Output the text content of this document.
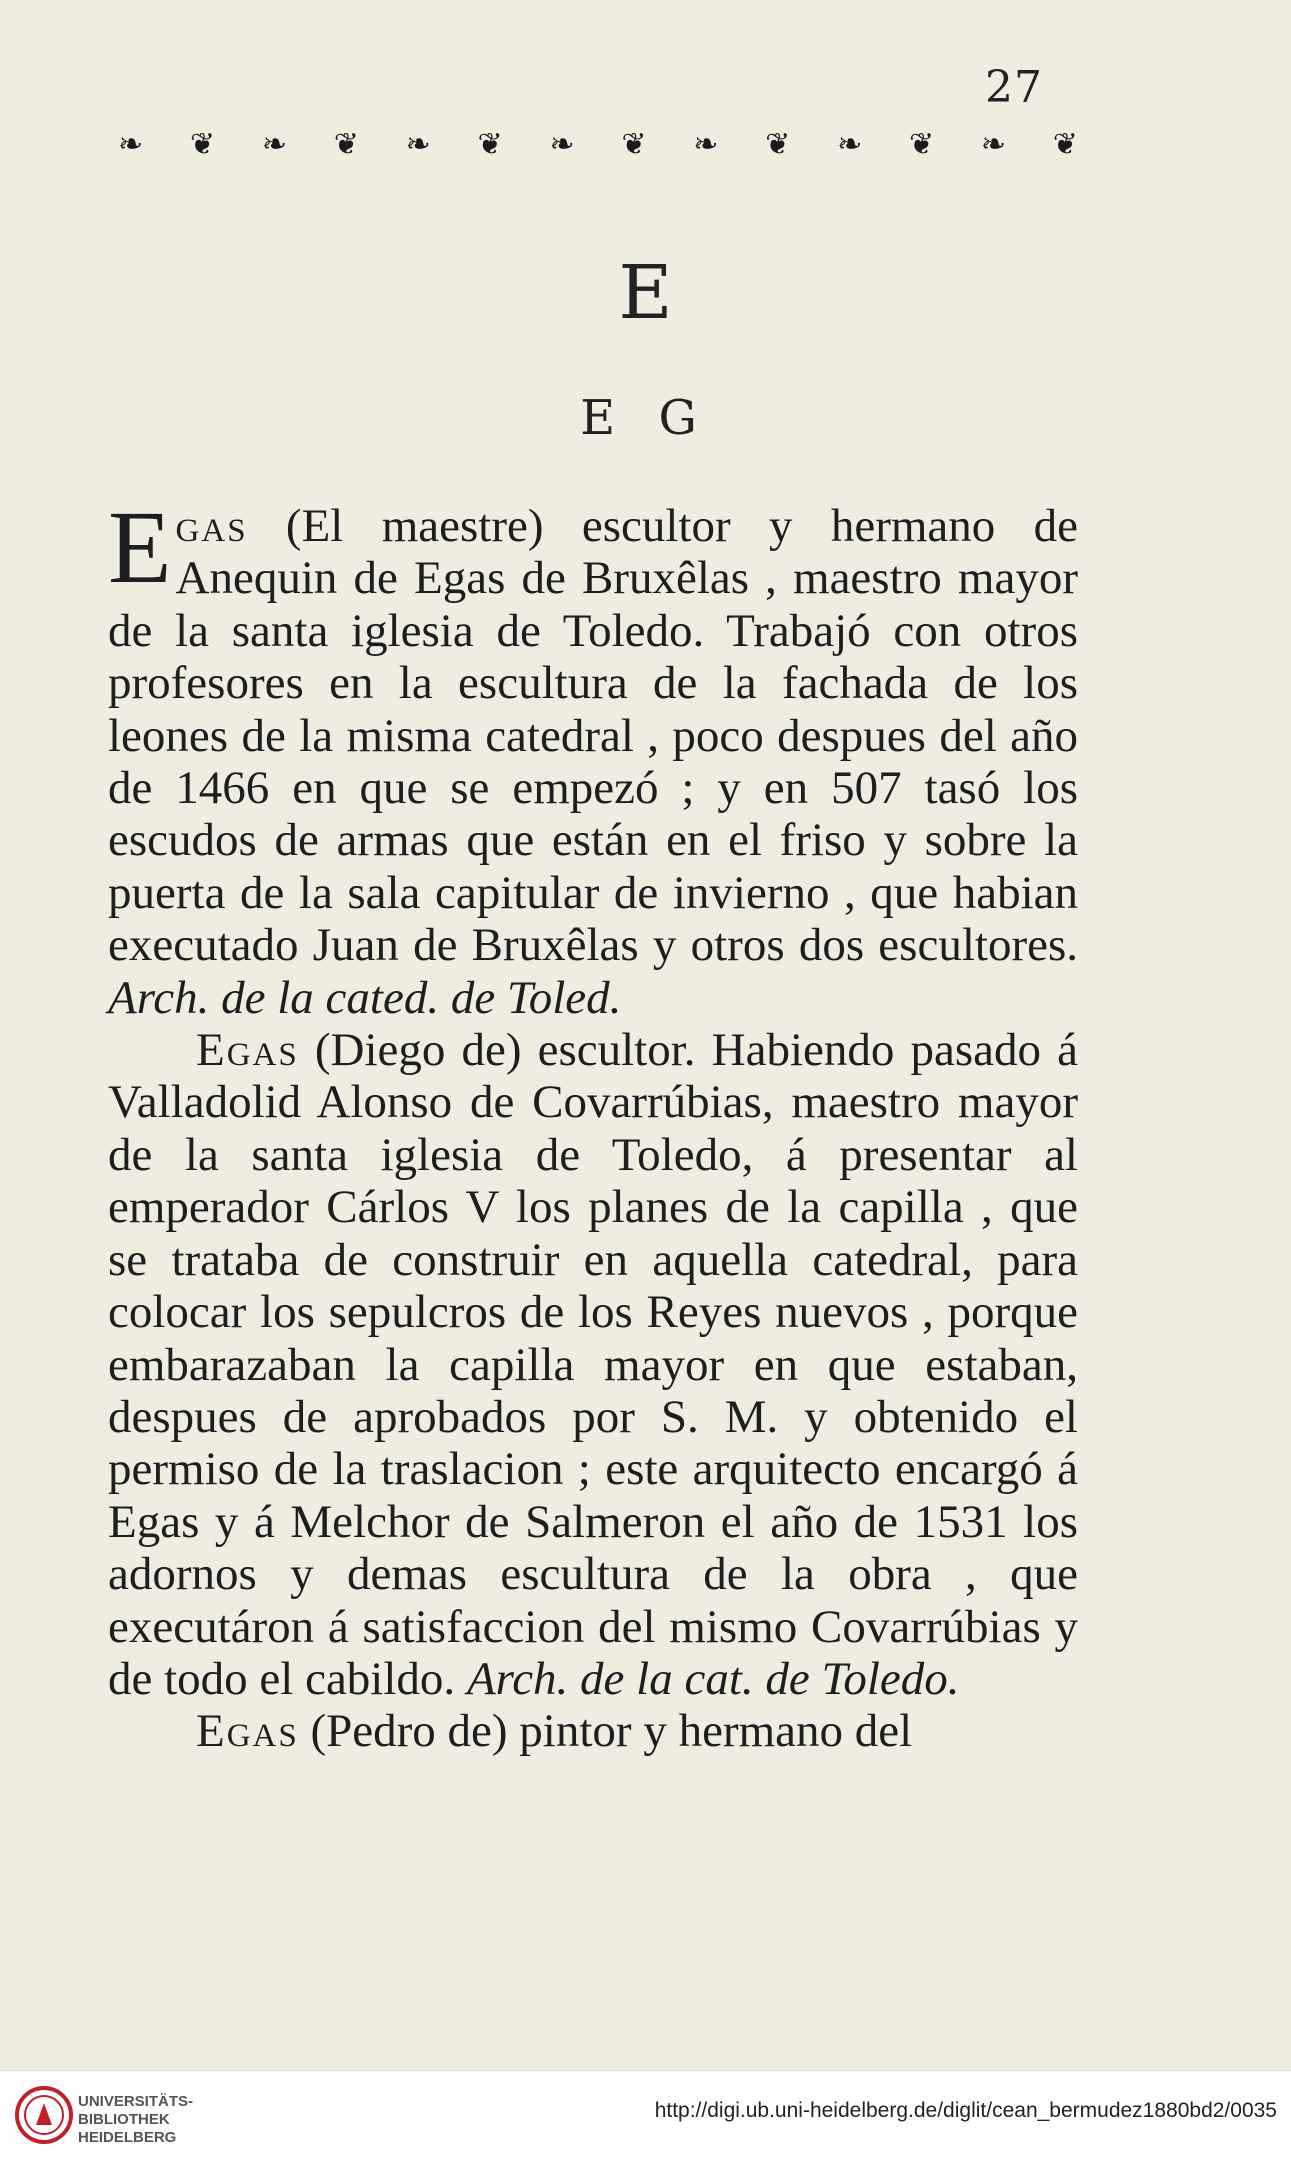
27
❧ ❦ ❧ ❦ ❧ ❦ ❧ ❦ ❧ ❦ ❧ ❦ ❧ ❦
E
E G

Egas (El maestre) escultor y hermano de Anequin de Egas de Bruxêlas , maestro mayor de la santa iglesia de Toledo. Trabajó con otros profesores en la escultura de la fachada de los leones de la misma catedral , poco despues del año de 1466 en que se empezó ; y en 507 tasó los escudos de armas que están en el friso y sobre la puerta de la sala capitular de invierno , que habian executado Juan de Bruxêlas y otros dos escultores. Arch. de la cated. de Toled.

Egas (Diego de) escultor. Habiendo pasado á Valladolid Alonso de Covarrúbias, maestro mayor de la santa iglesia de Toledo, á presentar al emperador Cárlos V los planes de la capilla , que se trataba de construir en aquella catedral, para colocar los sepulcros de los Reyes nuevos , porque embarazaban la capilla mayor en que estaban, despues de aprobados por S. M. y obtenido el permiso de la traslacion ; este arquitecto encargó á Egas y á Melchor de Salmeron el año de 1531 los adornos y demas escultura de la obra , que executáron á satisfaccion del mismo Covarrúbias y de todo el cabildo. Arch. de la cat. de Toledo.

Egas (Pedro de) pintor y hermano del

UNIVERSITÄTS-
BIBLIOTHEK
HEIDELBERG
http://digi.ub.uni-heidelberg.de/diglit/cean_bermudez1880bd2/0035
